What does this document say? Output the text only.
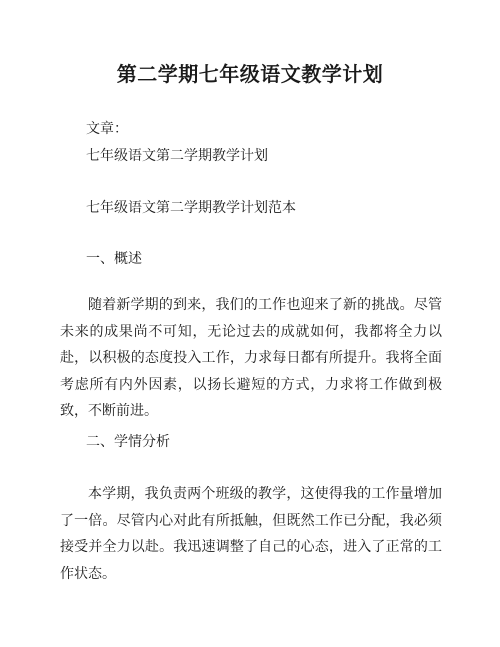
第二学期七年级语文教学计划
文章：
七年级语文第二学期教学计划
七年级语文第二学期教学计划范本
一、概述

随着新学期的到来，我们的工作也迎来了新的挑战。尽管未来的成果尚不可知，无论过去的成就如何，我都将全力以赴，以积极的态度投入工作，力求每日都有所提升。我将全面考虑所有内外因素，以扬长避短的方式，力求将工作做到极致，不断前进。

二、学情分析

本学期，我负责两个班级的教学，这使得我的工作量增加了一倍。尽管内心对此有所抵触，但既然工作已分配，我必须接受并全力以赴。我迅速调整了自己的心态，进入了正常的工作状态。
